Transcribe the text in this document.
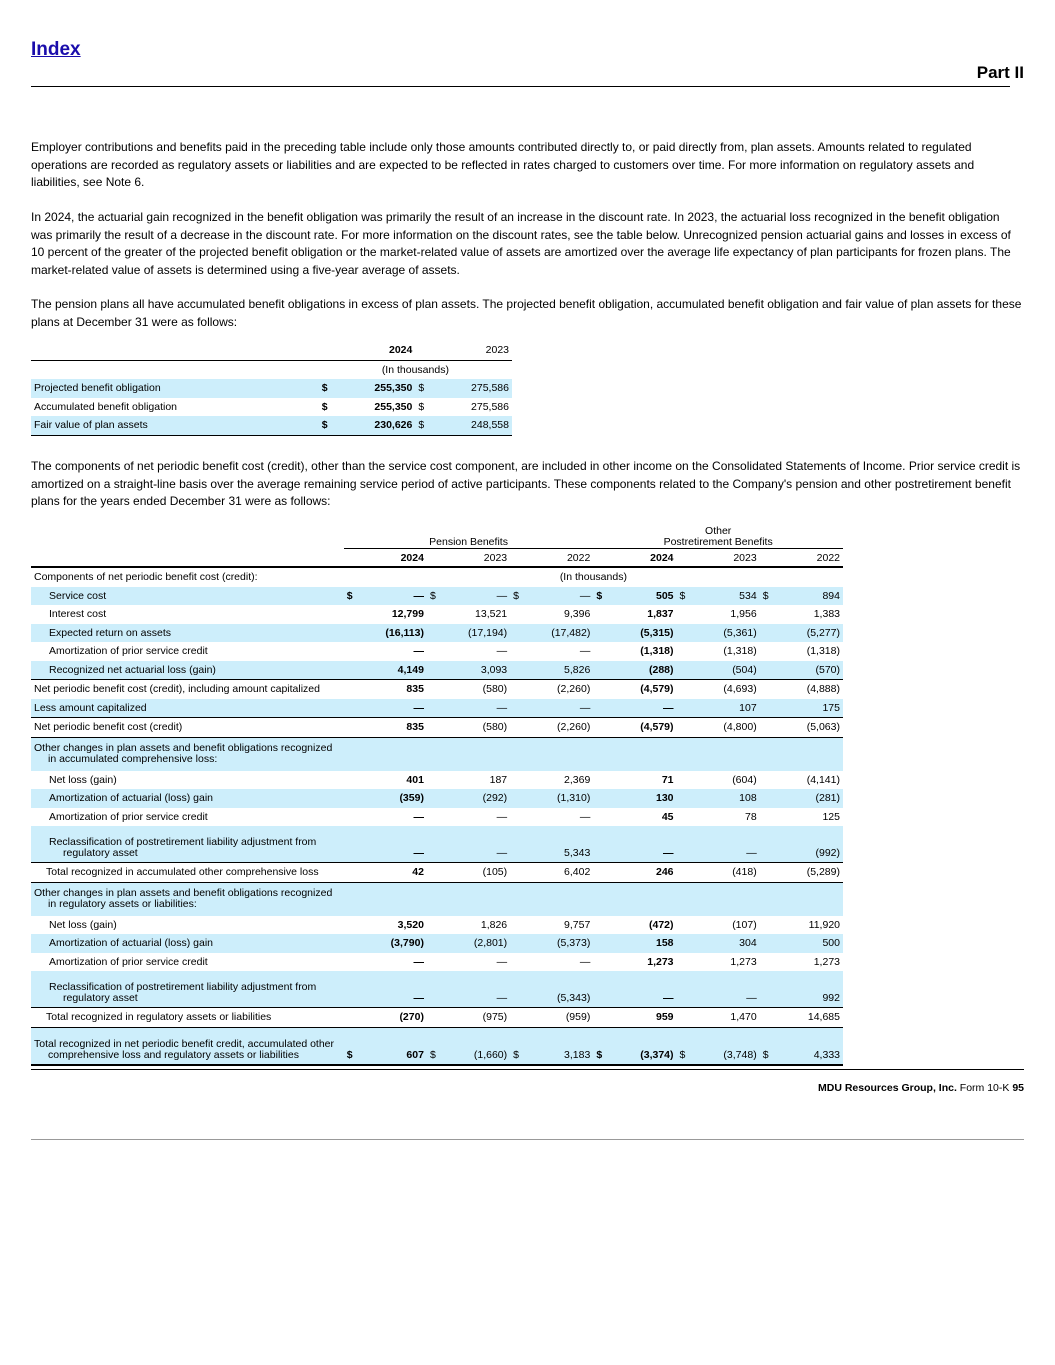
Index
Part II

Employer contributions and benefits paid in the preceding table include only those amounts contributed directly to, or paid directly from, plan assets. Amounts related to regulated operations are recorded as regulatory assets or liabilities and are expected to be reflected in rates charged to customers over time. For more information on regulatory assets and liabilities, see Note 6.

In 2024, the actuarial gain recognized in the benefit obligation was primarily the result of an increase in the discount rate. In 2023, the actuarial loss recognized in the benefit obligation was primarily the result of a decrease in the discount rate. For more information on the discount rates, see the table below. Unrecognized pension actuarial gains and losses in excess of 10 percent of the greater of the projected benefit obligation or the market-related value of assets are amortized over the average life expectancy of plan participants for frozen plans. The market-related value of assets is determined using a five-year average of assets.

The pension plans all have accumulated benefit obligations in excess of plan assets. The projected benefit obligation, accumulated benefit obligation and fair value of plan assets for these plans at December 31 were as follows:

		2024		2023
	(In thousands)			
Projected benefit obligation	$	255,350	$	275,586
Accumulated benefit obligation	$	255,350	$	275,586
Fair value of plan assets	$	230,626	$	248,558

The components of net periodic benefit cost (credit), other than the service cost component, are included in other income on the Consolidated Statements of Income. Prior service credit is amortized on a straight-line basis over the average remaining service period of active participants. These components related to the Company's pension and other postretirement benefit plans for the years ended December 31 were as follows:

	Pension Benefits						Other
Postretirement Benefits					
		2024		2023		2022		2024		2023		2022
Components of net periodic benefit cost (credit):	(In thousands)											
Service cost	$	—	$	—	$	—	$	505	$	534	$	894
Interest cost		12,799		13,521		9,396		1,837		1,956		1,383
Expected return on assets		(16,113)		(17,194)		(17,482)		(5,315)		(5,361)		(5,277)
Amortization of prior service credit		—		—		—		(1,318)		(1,318)		(1,318)
Recognized net actuarial loss (gain)		4,149		3,093		5,826		(288)		(504)		(570)
Net periodic benefit cost (credit), including amount capitalized		835		(580)		(2,260)		(4,579)		(4,693)		(4,888)
Less amount capitalized		—		—		—		—		107		175
Net periodic benefit cost (credit)		835		(580)		(2,260)		(4,579)		(4,800)		(5,063)
Other changes in plan assets and benefit obligations recognized
in accumulated comprehensive loss:												
Net loss (gain)		401		187		2,369		71		(604)		(4,141)
Amortization of actuarial (loss) gain		(359)		(292)		(1,310)		130		108		(281)
Amortization of prior service credit		—		—		—		45		78		125
Reclassification of postretirement liability adjustment from
regulatory asset		—		—		5,343		—		—		(992)
Total recognized in accumulated other comprehensive loss		42		(105)		6,402		246		(418)		(5,289)
Other changes in plan assets and benefit obligations recognized
in regulatory assets or liabilities:												
Net loss (gain)		3,520		1,826		9,757		(472)		(107)		11,920
Amortization of actuarial (loss) gain		(3,790)		(2,801)		(5,373)		158		304		500
Amortization of prior service credit		—		—		—		1,273		1,273		1,273
Reclassification of postretirement liability adjustment from
regulatory asset		—		—		(5,343)		—		—		992
Total recognized in regulatory assets or liabilities		(270)		(975)		(959)		959		1,470		14,685
Total recognized in net periodic benefit credit, accumulated other
comprehensive loss and regulatory assets or liabilities	$	607	$	(1,660)	$	3,183	$	(3,374)	$	(3,748)	$	4,333
MDU Resources Group, Inc. Form 10-K 95
